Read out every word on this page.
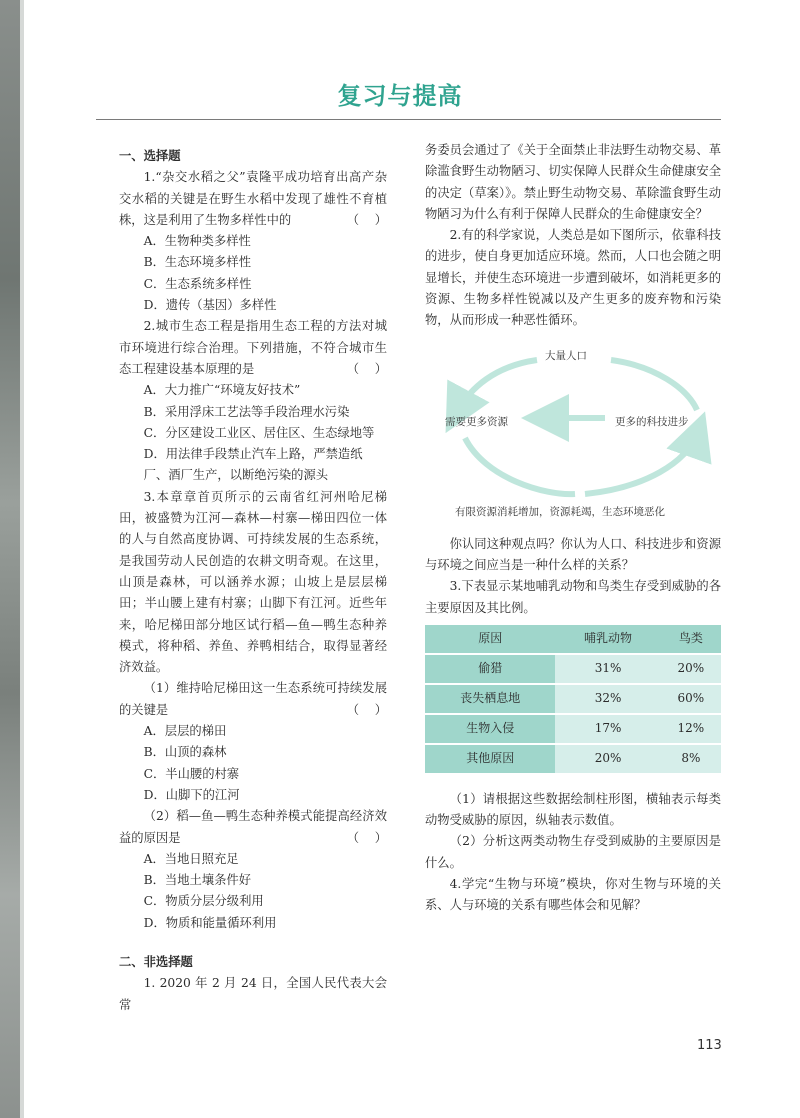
复习与提高

一、选择题

1.“杂交水稻之父”袁隆平成功培育出高产杂交水稻的关键是在野生水稻中发现了雄性不育植株，这是利用了生物多样性中的	（    ）

A．生物种类多样性

B．生态环境多样性

C．生态系统多样性

D．遗传（基因）多样性

2.城市生态工程是指用生态工程的方法对城市环境进行综合治理。下列措施，不符合城市生态工程建设基本原理的是	（    ）

A．大力推广“环境友好技术”

B．采用浮床工艺法等手段治理水污染

C．分区建设工业区、居住区、生态绿地等

D．用法律手段禁止汽车上路，严禁造纸厂、酒厂生产，以断绝污染的源头

3.本章章首页所示的云南省红河州哈尼梯田，被盛赞为江河—森林—村寨—梯田四位一体的人与自然高度协调、可持续发展的生态系统，是我国劳动人民创造的农耕文明奇观。在这里，山顶是森林，可以涵养水源；山坡上是层层梯田；半山腰上建有村寨；山脚下有江河。近些年来，哈尼梯田部分地区试行稻—鱼—鸭生态种养模式，将种稻、养鱼、养鸭相结合，取得显著经济效益。

（1）维持哈尼梯田这一生态系统可持续发展的关键是	（    ）

A．层层的梯田

B．山顶的森林

C．半山腰的村寨

D．山脚下的江河

（2）稻—鱼—鸭生态种养模式能提高经济效益的原因是	（    ）

A．当地日照充足

B．当地土壤条件好

C．物质分层分级利用

D．物质和能量循环利用

二、非选择题

1. 2020 年 2 月 24 日，全国人民代表大会常

务委员会通过了《关于全面禁止非法野生动物交易、革除滥食野生动物陋习、切实保障人民群众生命健康安全的决定（草案）》。禁止野生动物交易、革除滥食野生动物陋习为什么有利于保障人民群众的生命健康安全？

2.有的科学家说，人类总是如下图所示，依靠科技的进步，使自身更加适应环境。然而，人口也会随之明显增长，并使生态环境进一步遭到破坏，如消耗更多的资源、生物多样性锐减以及产生更多的废弃物和污染物，从而形成一种恶性循环。

大量人口
需要更多资源	更多的科技进步
有限资源消耗增加，资源耗竭，生态环境恶化

你认同这种观点吗？你认为人口、科技进步和资源与环境之间应当是一种什么样的关系？

3.下表显示某地哺乳动物和鸟类生存受到威胁的各主要原因及其比例。

原因	哺乳动物	鸟类
偷猎	31%	20%
丧失栖息地	32%	60%
生物入侵	17%	12%
其他原因	20%	8%

（1）请根据这些数据绘制柱形图，横轴表示每类动物受威胁的原因，纵轴表示数值。

（2）分析这两类动物生存受到威胁的主要原因是什么。

4.学完“生物与环境”模块，你对生物与环境的关系、人与环境的关系有哪些体会和见解？

113
